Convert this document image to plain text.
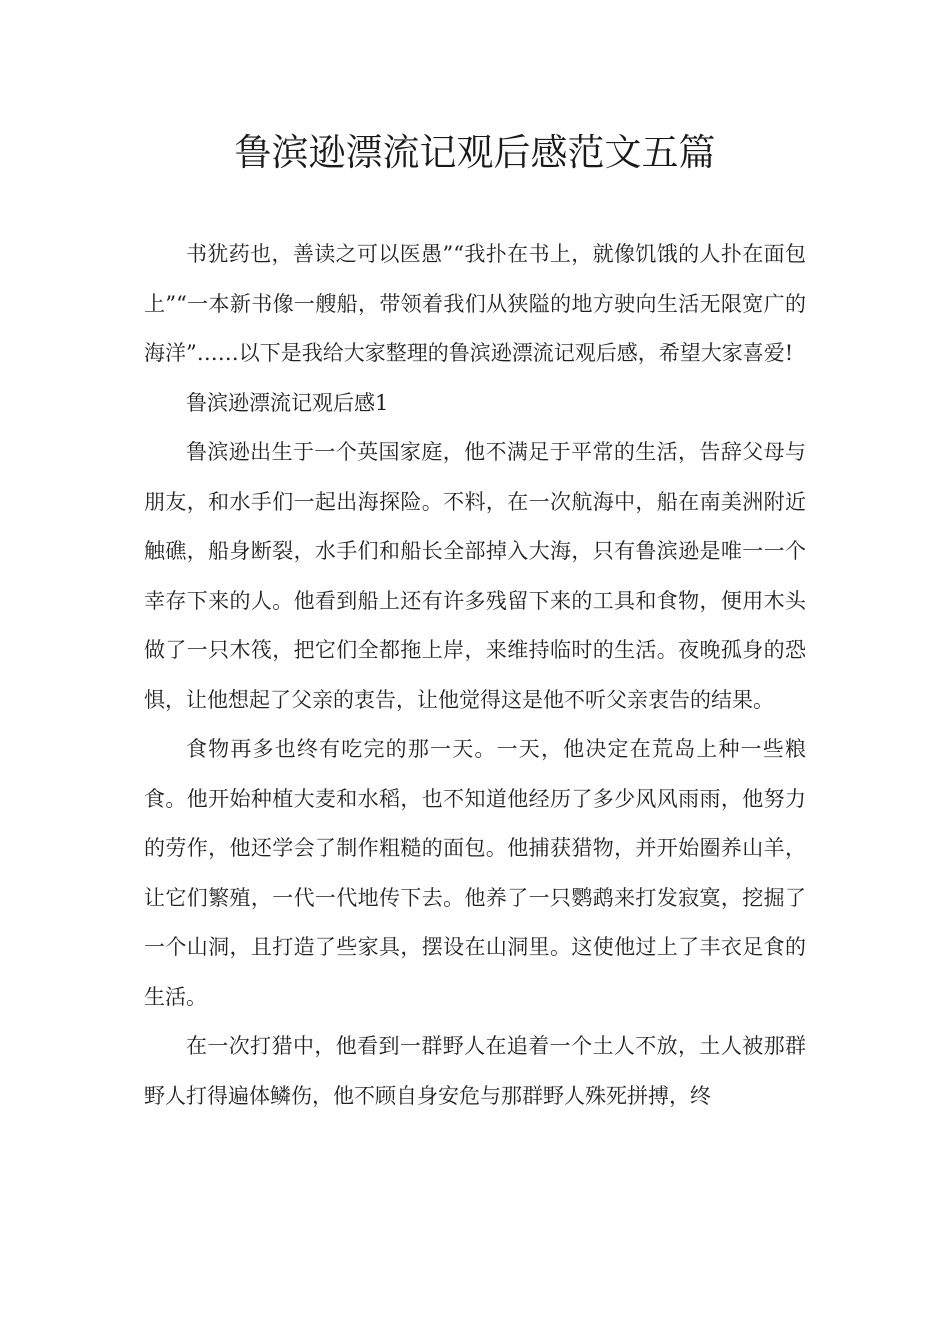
鲁滨逊漂流记观后感范文五篇

书犹药也，善读之可以医愚”“我扑在书上，就像饥饿的人扑在面包上”“一本新书像一艘船，带领着我们从狭隘的地方驶向生活无限宽广的海洋”……以下是我给大家整理的鲁滨逊漂流记观后感，希望大家喜爱!

鲁滨逊漂流记观后感1

鲁滨逊出生于一个英国家庭，他不满足于平常的生活，告辞父母与朋友，和水手们一起出海探险。不料，在一次航海中，船在南美洲附近触礁，船身断裂，水手们和船长全部掉入大海，只有鲁滨逊是唯一一个幸存下来的人。他看到船上还有许多残留下来的工具和食物，便用木头做了一只木筏，把它们全都拖上岸，来维持临时的生活。夜晚孤身的恐惧，让他想起了父亲的衷告，让他觉得这是他不听父亲衷告的结果。

食物再多也终有吃完的那一天。一天，他决定在荒岛上种一些粮食。他开始种植大麦和水稻，也不知道他经历了多少风风雨雨，他努力的劳作，他还学会了制作粗糙的面包。他捕获猎物，并开始圈养山羊，让它们繁殖，一代一代地传下去。他养了一只鹦鹉来打发寂寞，挖掘了一个山洞，且打造了些家具，摆设在山洞里。这使他过上了丰衣足食的生活。

在一次打猎中，他看到一群野人在追着一个土人不放，土人被那群野人打得遍体鳞伤，他不顾自身安危与那群野人殊死拼搏，终
